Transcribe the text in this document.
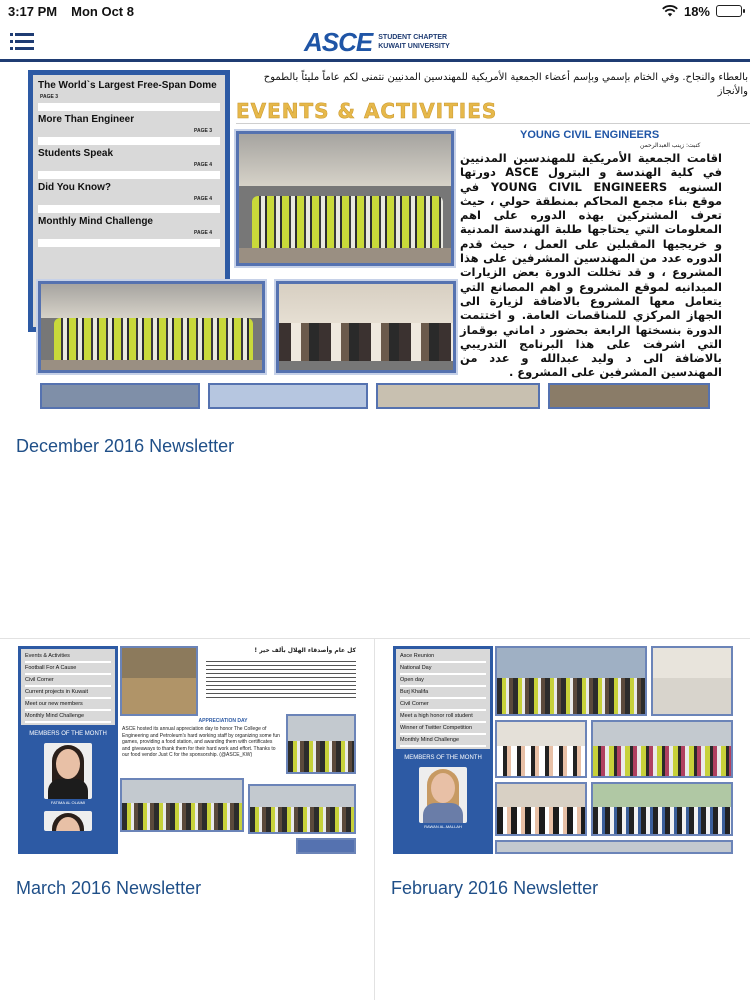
3:17 PM Mon Oct 8	18%
ASCE STUDENT CHAPTER
KUWAIT UNIVERSITY
The World`s Largest Free-Span Dome
PAGE 3
More Than Engineer
PAGE 3
Students Speak
PAGE 4
Did You Know?
PAGE 4
Monthly Mind Challenge
PAGE 4
بالعطاء والنجاح. وفي الختام بإسمي وبإسم أعضاء الجمعية الأمريكية للمهندسين المدنيين نتمنى لكم عاماً مليئاً بالطموح والأنجاز
EVENTS & ACTIVITIES
YOUNG CIVIL ENGINEERS
كتبت: زينب العبدالرحمن
اقامت الجمعية الأمريكية للمهندسين المدنيين في كلية الهندسة و البترول ASCE دورتها السنويه YOUNG CIVIL ENGINEERS في موقع بناء مجمع المحاكم بمنطقة حولي ، حيث تعرف المشتركين بهذه الدوره على اهم المعلومات التي يحتاجها طلبة الهندسة المدنية و خريجيها المقبلين على العمل ، حيث قدم الدوره عدد من المهندسين المشرفين على هذا المشروع ، و قد تخللت الدورة بعض الزيارات الميدانيه لموقع المشروع و اهم المصانع التي يتعامل معها المشروع بالاضافة لزيارة الى الجهاز المركزي للمناقصات العامة. و اختتمت الدورة بنسختها الرابعة بحضور د اماني بوقماز التي اشرفت على هذا البرنامج التدريبي بالاضافة الى د وليد عبدالله و عدد من المهندسين المشرفين على المشروع .
December 2016 Newsletter
Events & Activities
Football For A Cause
Civil Corner
Current projects in Kuwait
Meet our new members
Monthly Mind Challenge
MEMBERS OF THE MONTH
FATIMA AL OLAIMI
كل عام وأصدقاء الهلال بألف خير !
APPRECIATION DAY
ASCE hosted its annual appreciation day to honor The College of Engineering and Petroleum's hard working staff by organizing some fun games, providing a food station, and awarding them with certificates and giveaways to thank them for their hard work and effort. Thanks to our food vendor Just C for the sponsorship. (@ASCE_KW)
Asce Reunion
National Day
Open day
Burj Khalifa
Civil Corner
Meet a high honor roll student
Winner of Twitter Competition
Monthly Mind Challenge
MEMBERS OF THE MONTH
RAWAN AL-MALLAH
March 2016 Newsletter	February 2016 Newsletter
